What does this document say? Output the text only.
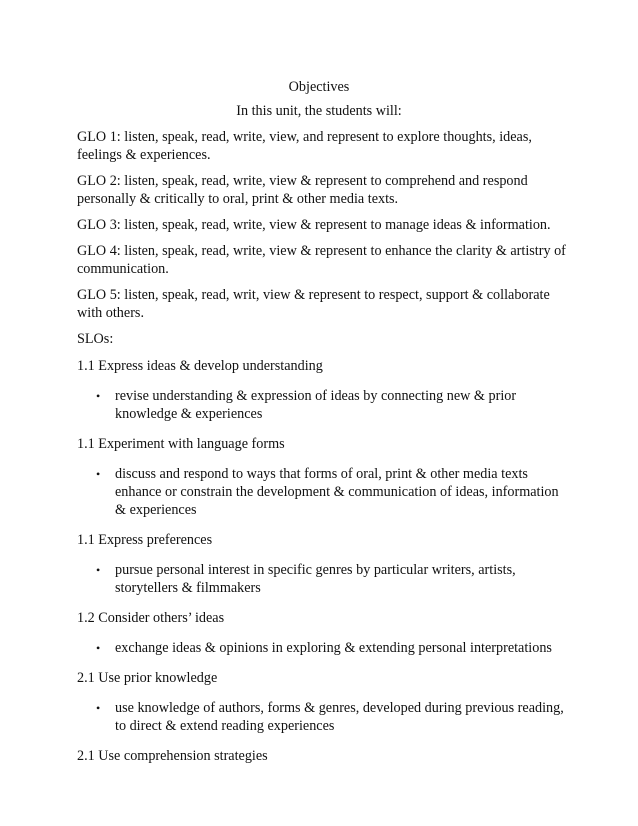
Objectives

In this unit, the students will:

GLO 1: listen, speak, read, write, view, and represent to explore thoughts, ideas, feelings & experiences.

GLO 2: listen, speak, read, write, view & represent to comprehend and respond personally & critically to oral, print & other media texts.

GLO 3: listen, speak, read, write, view & represent to manage ideas & information.

GLO 4: listen, speak, read, write, view & represent to enhance the clarity & artistry of communication.

GLO 5: listen, speak, read, writ, view & represent to respect, support & collaborate with others.

SLOs:

1.1 Express ideas & develop understanding

• revise understanding & expression of ideas by connecting new & prior knowledge & experiences

1.1 Experiment with language forms

• discuss and respond to ways that forms of oral, print & other media texts enhance or constrain the development & communication of ideas, information & experiences

1.1 Express preferences

• pursue personal interest in specific genres by particular writers, artists, storytellers & filmmakers

1.2 Consider others’ ideas

• exchange ideas & opinions in exploring & extending personal interpretations

2.1 Use prior knowledge

• use knowledge of authors, forms & genres, developed during previous reading, to direct & extend reading experiences

2.1 Use comprehension strategies
